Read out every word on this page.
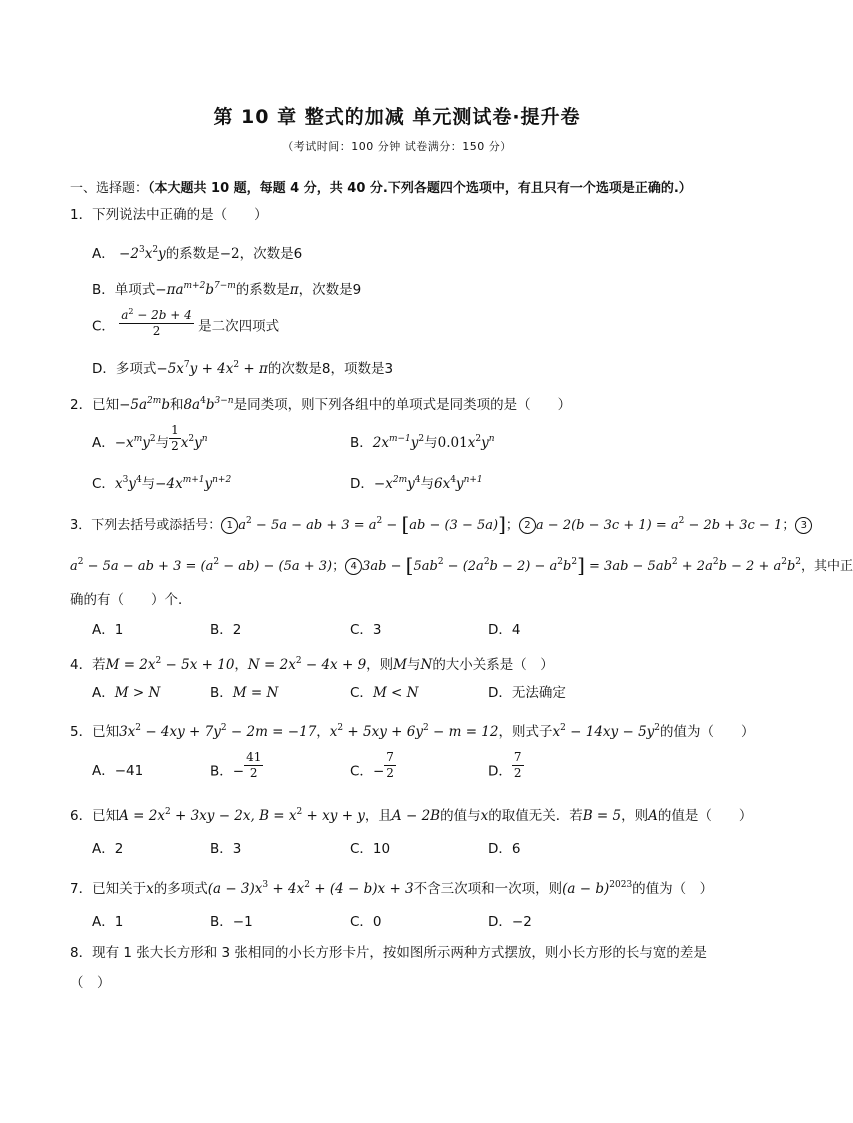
第 10 章 整式的加减 单元测试卷·提升卷
（考试时间：100 分钟 试卷满分：150 分）
一、选择题：（本大题共 10 题，每题 4 分，共 40 分.下列各题四个选项中，有且只有一个选项是正确的.）
1．下列说法中正确的是（　　）
A． $-2^3x^2y$的系数是−2，次数是6
B．单项式$-\pi a^{m+2}b^{7-m}$的系数是π，次数是9
C． $\frac{a^2 - 2b + 4}{2}$ 是二次四项式
D．多项式$-5x^7y + 4x^2 + \pi$的次数是8，项数是3
2．已知$-5a^{2m}b$和$8a^4b^{3-n}$是同类项，则下列各组中的单项式是同类项的是（　　）
A．$-x^my^2$与 $\frac{1}{2} x^2y^n$	B．$2x^{m-1}y^2$与$0.01x^2y^n$
C．$x^3y^4$与$-4x^{m+1}y^{n+2}$	D．$-x^{2m}y^4$与$6x^4y^{n+1}$
3．下列去括号或添括号： 1 $a^2 - 5a$ − ab + $3 = a^2 - [ab - (3 - 5a)]$； 2 $a - 2(b - 3c + 1) = a^2 - 2b + 3c - 1$； 3
$a^2 - 5a$ − ab + $3 = (a^2 - ab) - (5a + 3)$； 4 $3ab - [5ab^2 - (2a^2b - 2) - a^2b^2] = 3ab - 5ab^2 + 2a^2b - 2 + a^2b^2$，其中正
确的有（　　）个．
A．1	B．2	C．3	D．4
4．若$M = 2x^2 - 5x + 10$，$N = 2x^2 - 4x + 9$，则M与N的大小关系是（　）
A．M > N	B．M = N	C．M < N	D．无法确定
5．已知$3x^2 - 4xy + 7y^2 - 2m = -17$，$x^2 + 5xy + 6y^2 - m = 12$，则式子$x^2 - 14xy - 5y^2$的值为（　　）
A．−41	B．− $\frac{41}{2}$	C．− $\frac{7}{2}$	D． $\frac{7}{2}$
6．已知$A = 2x^2 + 3xy - 2x$, $B = x^2$ + xy + y，且A − 2B的值与x的取值无关．若B = 5，则A的值是（　　）
A．2	B．3	C．10	D．6
7．已知关于x的多项式$(a - 3)x^3 + 4x^2 + (4 - b)x + 3$不含三次项和一次项，则$(a - b)^{2023}$的值为（　）
A．1	B．−1	C．0	D．−2
8．现有 1 张大长方形和 3 张相同的小长方形卡片，按如图所示两种方式摆放，则小长方形的长与宽的差是
（　）
